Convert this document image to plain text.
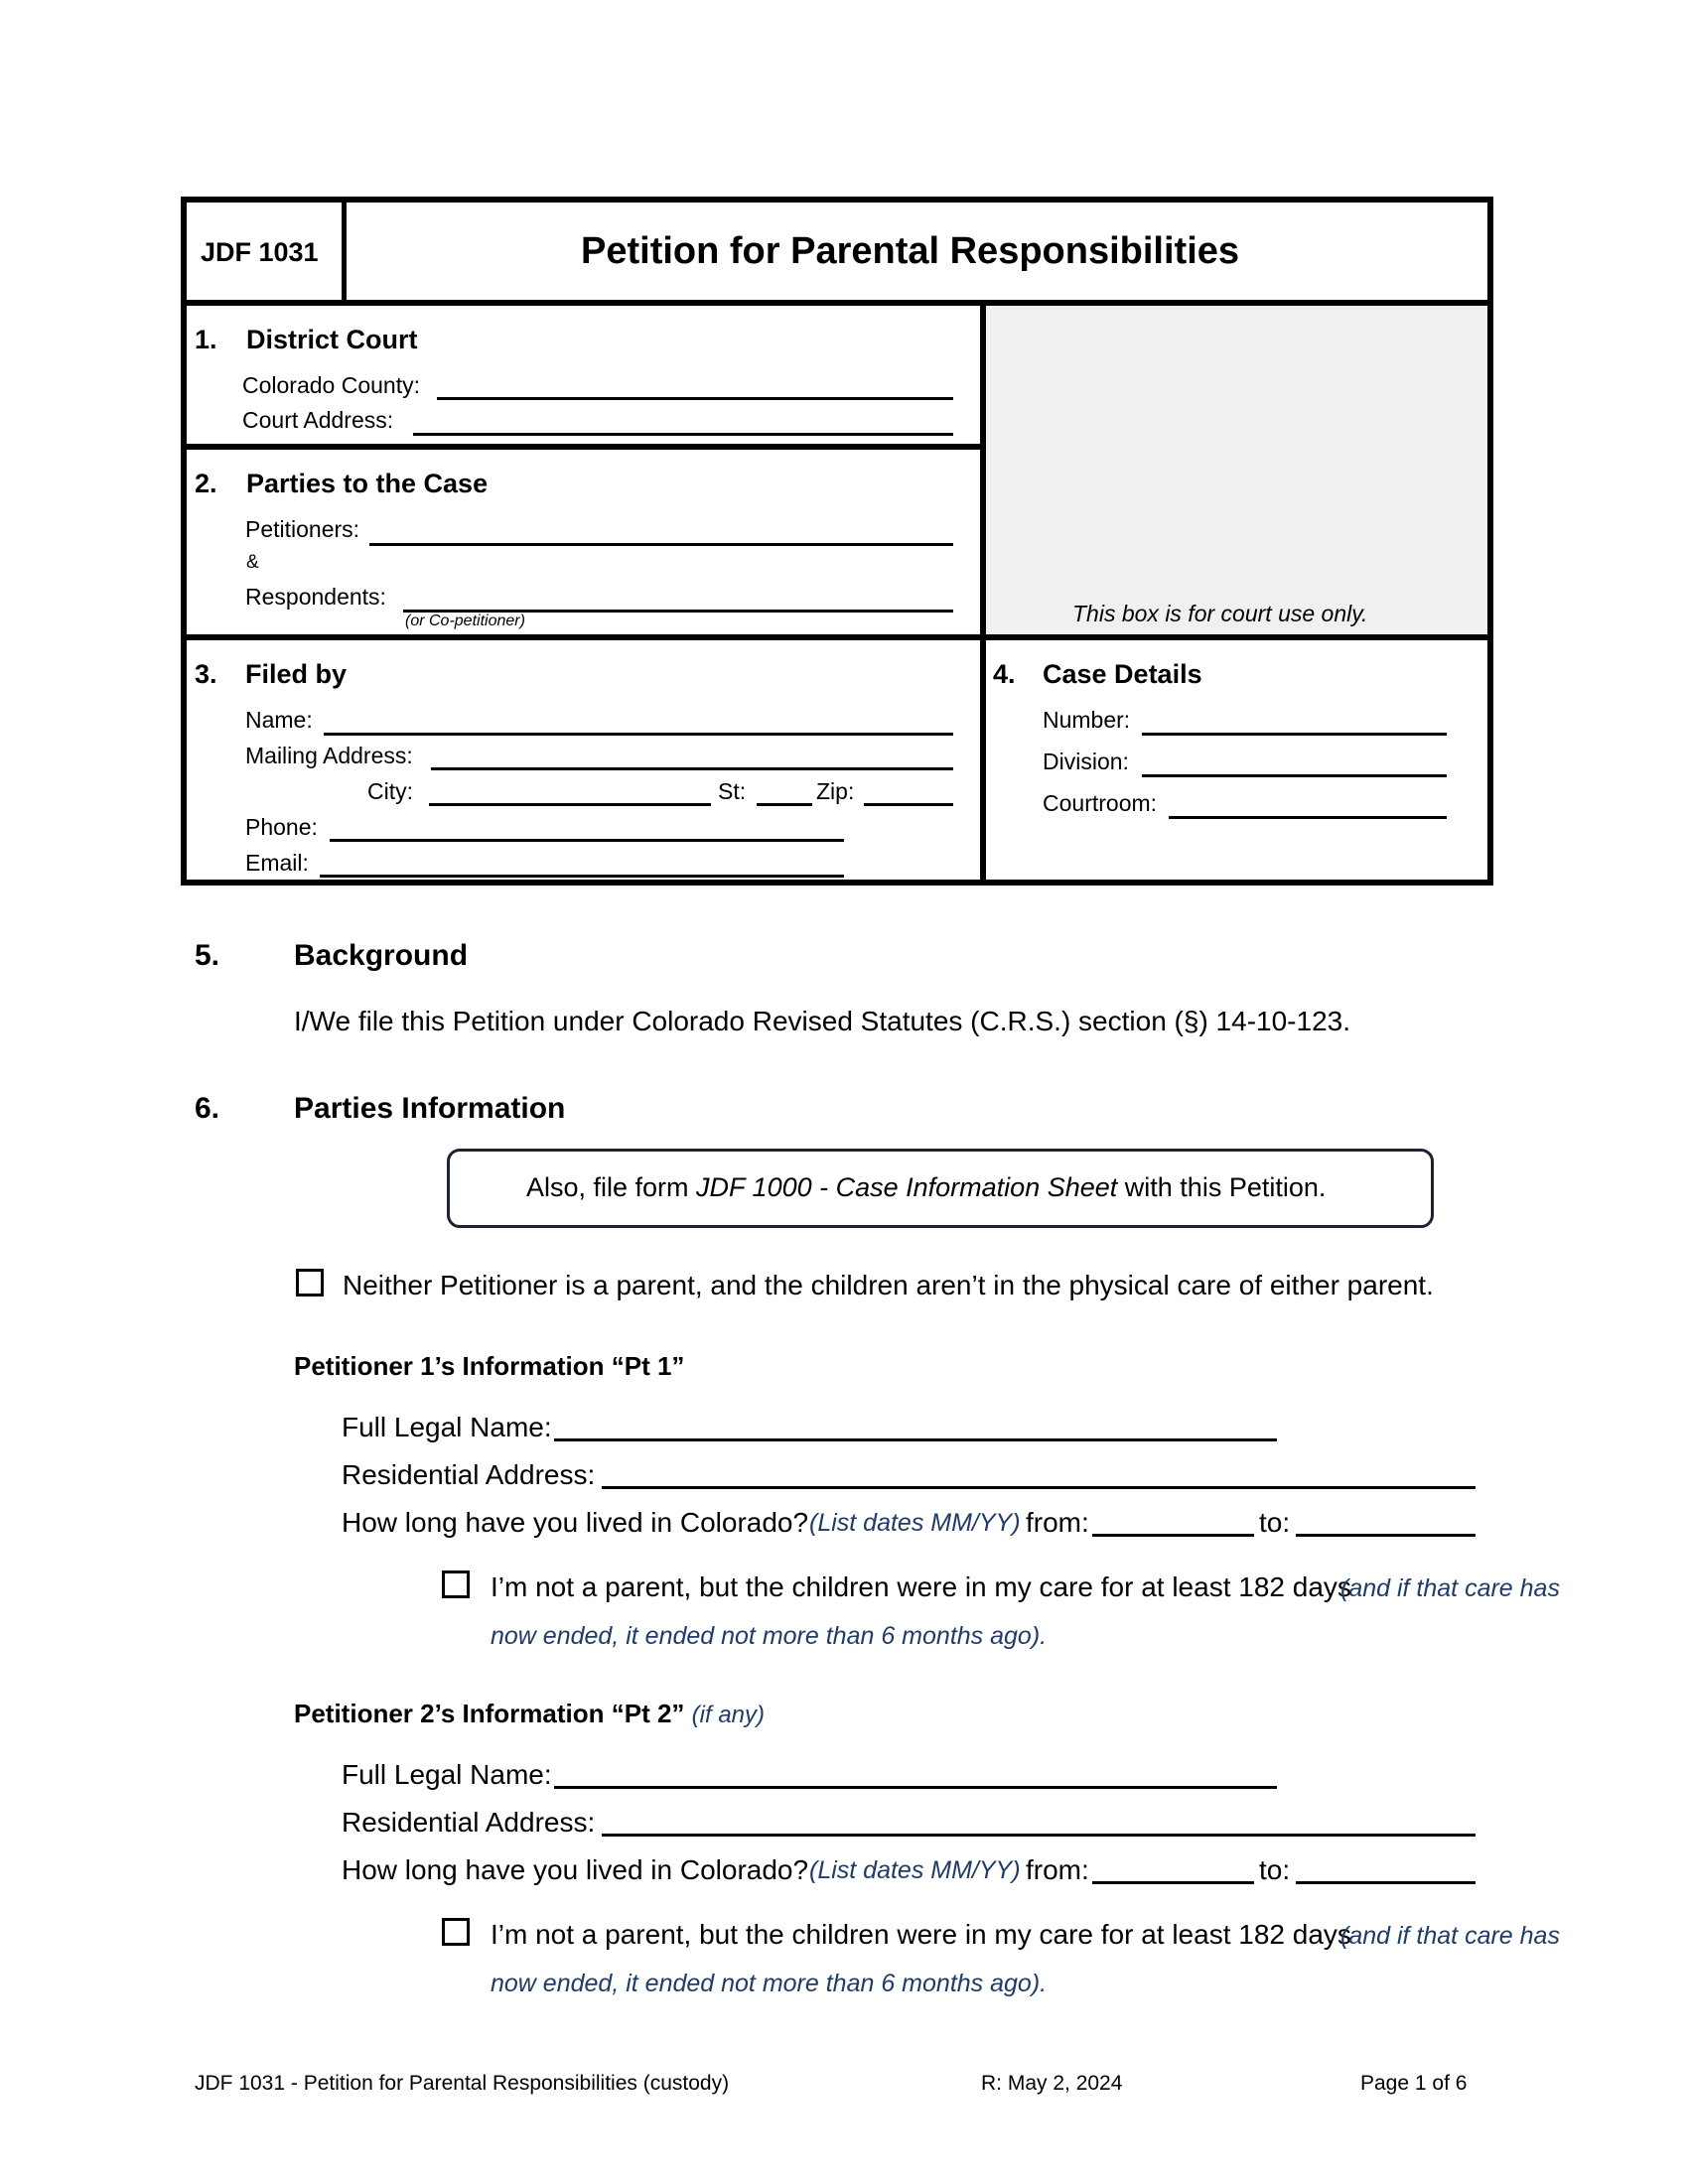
JDF 1031	Petition for Parental Responsibilities
1. District Court
Colorado County:
Court Address:
2. Parties to the Case
Petitioners:
&
Respondents:
(or Co-petitioner)	This box is for court use only.
3. Filed by
Name:
Mailing Address:
City:	St:	Zip:
Phone:
Email:
4. Case Details
Number:
Division:
Courtroom:
5. Background
I/We file this Petition under Colorado Revised Statutes (C.R.S.) section (§) 14-10-123.
6. Parties Information
Also, file form JDF 1000 - Case Information Sheet with this Petition.
Neither Petitioner is a parent, and the children aren’t in the physical care of either parent.
Petitioner 1’s Information “Pt 1”
Full Legal Name:
Residential Address:
How long have you lived in Colorado? (List dates MM/YY) from:	to:
I’m not a parent, but the children were in my care for at least 182 days
(and if that care has
now ended, it ended not more than 6 months ago).
Petitioner 2’s Information “Pt 2” (if any)
Full Legal Name:
Residential Address:
How long have you lived in Colorado? (List dates MM/YY) from:	to:
I’m not a parent, but the children were in my care for at least 182 days
(and if that care has
now ended, it ended not more than 6 months ago).
JDF 1031 - Petition for Parental Responsibilities (custody)	R: May 2, 2024	Page 1 of 6
